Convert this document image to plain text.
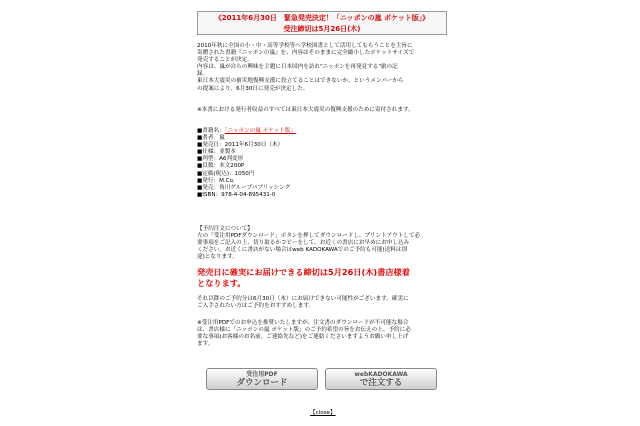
《2011年6月30日　緊急発売決定！「ニッポンの嵐 ポケット版」》
受注締切は5月26日(木)

2010年秋に全国の小・中・高等学校等へ学校図書として活用してもらうことを主旨に

寄贈された書籍『ニッポンの嵐』を、内容はそのままに完全縮小したポケットサイズで

発売することが決定。

内容は、嵐が自らの興味を主題に日本国内を訪れ"ニッポンを再発見する"旅の記

録。

東日本大震災の被災地復興支援に役立てることはできないか、というメンバーから

の提案により、6月30日に発売が決定した。

※本書における発行者収益のすべては東日本大震災の復興支援のために寄付されます。

■書籍名：「ニッポンの嵐 ポケット版」

■著者：嵐

■発売日：2011年6月30日（木）

■仕様：並製本

■判型：A6判変形

■頁数：本文200P

■定価(税込)：1050円

■発行：M.Co.

■発売：角川グループパブリッシング

■ISBN：978-4-04-895431-0

【予約注文について】

左の「受注用PDFダウンロード」ボタンを押してダウンロードし、プリントアウトして必

要事項をご記入の上、切り取るかコピーをして、お近くの書店にお早めにお申し込み

ください。お近くに書店がない場合はweb KADOKAWAでのご予約も可能(送料は別

途)となります。

発売日に確実にお届けできる締切は5月26日(木)書店様着

となります。

それ以降のご予約分は6月30日（木）にお届けできない可能性がございます。確実に

ご入手されたい方はご予約をおすすめします。

※受注用PDFでのお申込を推奨いたしますが、注文書のダウンロードが不可能な場合

は、書店様に「ニッポンの嵐 ポケット版」のご予約希望の旨をお伝えの上、予約に必

要な事項(お客様のお名前、ご連絡先など)をご連絡くださいますようお願い申し上げ

ます。

受注用PDF
ダウンロード
webKADOKAWA
で注文する
【close】
